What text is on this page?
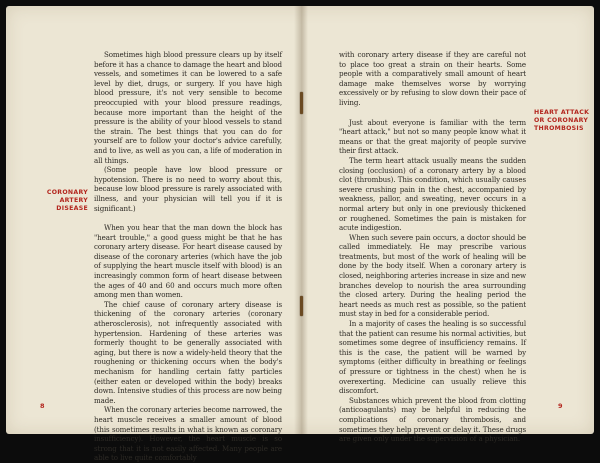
Sometimes high blood pressure clears up by itself before it has a chance to damage the heart and blood vessels, and sometimes it can be lowered to a safe level by diet, drugs, or surgery. If you have high blood pressure, it's not very sensible to become preoccupied with your blood pressure readings, because more important than the height of the pressure is the ability of your blood vessels to stand the strain. The best things that you can do for yourself are to follow your doctor's advice carefully, and to live, as well as you can, a life of moderation in all things.

(Some people have low blood pressure or hypotension. There is no need to worry about this, because low blood pressure is rarely associated with illness, and your physician will tell you if it is significant.)

When you hear that the man down the block has "heart trouble," a good guess might be that he has coronary artery disease. For heart disease caused by disease of the coronary arteries (which have the job of supplying the heart muscle itself with blood) is an increasingly common form of heart disease between the ages of 40 and 60 and occurs much more often among men than women.

The chief cause of coronary artery disease is thickening of the coronary arteries (coronary atherosclerosis), not infrequently associated with hypertension. Hardening of these arteries was formerly thought to be generally associated with aging, but there is now a widely-held theory that the roughening or thickening occurs when the body's mechanism for handling certain fatty particles (either eaten or developed within the body) breaks down. Intensive studies of this process are now being made.

When the coronary arteries become narrowed, the heart muscle receives a smaller amount of blood (this sometimes results in what is known as coronary insufficiency). However, the heart muscle is so strong that it is not easily affected. Many people are able to live quite comfortably

CORONARY
ARTERY DISEASE
8

with coronary artery disease if they are careful not to place too great a strain on their hearts. Some people with a comparatively small amount of heart damage make themselves worse by worrying excessively or by refusing to slow down their pace of living.

Just about everyone is familiar with the term "heart attack," but not so many people know what it means or that the great majority of people survive their first attack.

The term heart attack usually means the sudden closing (occlusion) of a coronary artery by a blood clot (thrombus). This condition, which usually causes severe crushing pain in the chest, accompanied by weakness, pallor, and sweating, never occurs in a normal artery but only in one previously thickened or roughened. Sometimes the pain is mistaken for acute indigestion.

When such severe pain occurs, a doctor should be called immediately. He may prescribe various treatments, but most of the work of healing will be done by the body itself. When a coronary artery is closed, neighboring arteries increase in size and new branches develop to nourish the area surrounding the closed artery. During the healing period the heart needs as much rest as possible, so the patient must stay in bed for a considerable period.

In a majority of cases the healing is so successful that the patient can resume his normal activities, but sometimes some degree of insufficiency remains. If this is the case, the patient will be warned by symptoms (either difficulty in breathing or feelings of pressure or tightness in the chest) when he is overexerting. Medicine can usually relieve this discomfort.

Substances which prevent the blood from clotting (anticoagulants) may be helpful in reducing the complications of coronary thrombosis, and sometimes they help prevent or delay it. These drugs are given only under the supervision of a physician.

HEART ATTACK
OR CORONARY
THROMBOSIS
9
